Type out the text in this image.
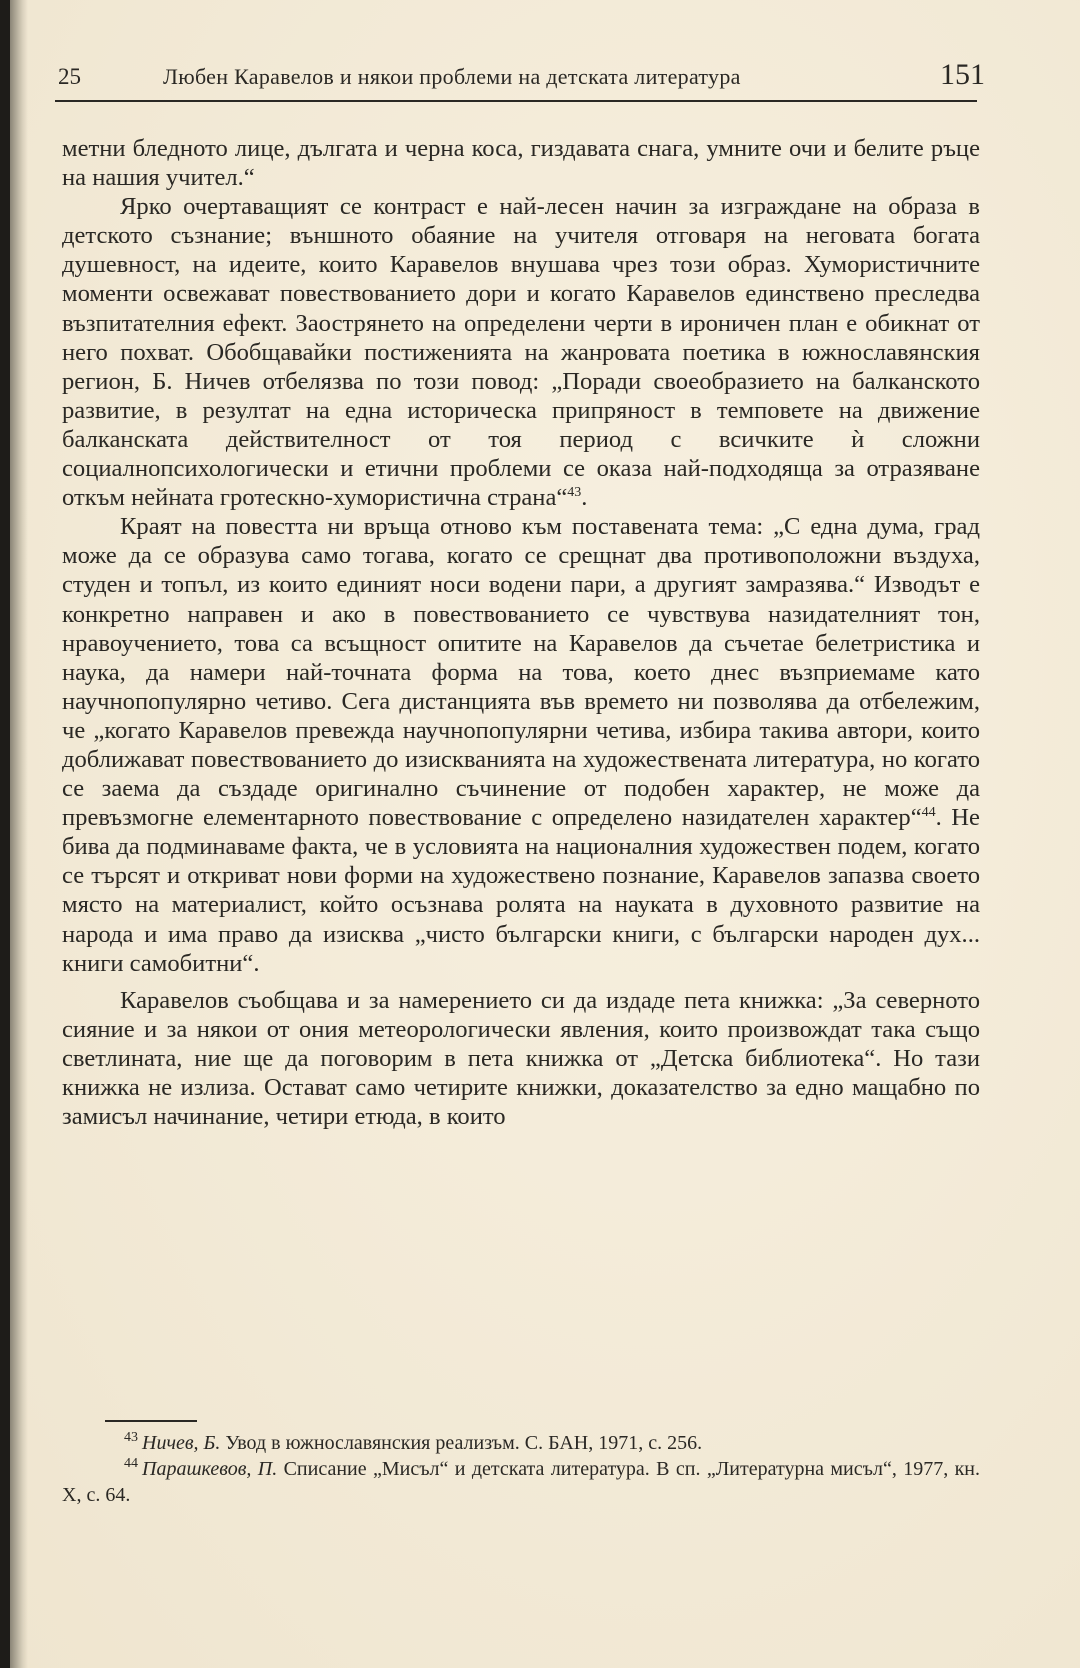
25	Любен Каравелов и някои проблеми на детската литература	151

метни бледното лице, дългата и черна коса, гиздавата снага, умните очи и белите ръце на нашия учител.“

Ярко очертаващият се контраст е най-лесен начин за изграждане на образа в детското съзнание; външното обаяние на учителя отговаря на неговата богата душевност, на идеите, които Каравелов внушава чрез този образ. Хумористичните моменти освежават повествованието дори и когато Каравелов единствено преследва възпитателния ефект. Заострянето на определени черти в ироничен план е обикнат от него похват. Обобщавайки постиженията на жанровата поетика в южнославянския регион, Б. Ничев отбелязва по този повод: „Поради своеобразието на балканското развитие, в резултат на една историческа припряност в темповете на движение балканската действителност от тоя период с всичките ѝ сложни социалнопсихологически и етични проблеми се оказа най-подходяща за отразяване откъм нейната гротескно-хумористична страна“$^{43}$.

Краят на повестта ни връща отново към поставената тема: „С една дума, град може да се образува само тогава, когато се срещнат два противоположни въздуха, студен и топъл, из които единият носи водени пари, а другият замразява.“ Изводът е конкретно направен и ако в повествованието се чувствува назидателният тон, нравоучението, това са всъщност опитите на Каравелов да съчетае белетристика и наука, да намери най-точната форма на това, което днес възприемаме като научнопопулярно четиво. Сега дистанцията във времето ни позволява да отбележим, че „когато Каравелов превежда научнопопулярни четива, избира такива автори, които доближават повествованието до изискванията на художествената литература, но когато се заема да създаде оригинално съчинение от подобен характер, не може да превъзмогне елементарното повествование с определено назидателен характер“$^{44}$. Не бива да подминаваме факта, че в условията на националния художествен подем, когато се търсят и откриват нови форми на художествено познание, Каравелов запазва своето място на материалист, който осъзнава ролята на науката в духовното развитие на народа и има право да изисква „чисто български книги, с български народен дух... книги самобитни“.

Каравелов съобщава и за намерението си да издаде пета книжка: „За северното сияние и за някои от ония метеорологически явления, които произвождат така също светлината, ние ще да поговорим в пета книжка от „Детска библиотека“. Но тази книжка не излиза. Остават само четирите книжки, доказателство за едно мащабно по замисъл начинание, четири етюда, в които

$^{43}$ Ничев, Б. Увод в южнославянския реализъм. С. БАН, 1971, с. 256.

$^{44}$ Парашкевов, П. Списание „Мисъл“ и детската литература. В сп. „Литературна мисъл“, 1977, кн. X, с. 64.
